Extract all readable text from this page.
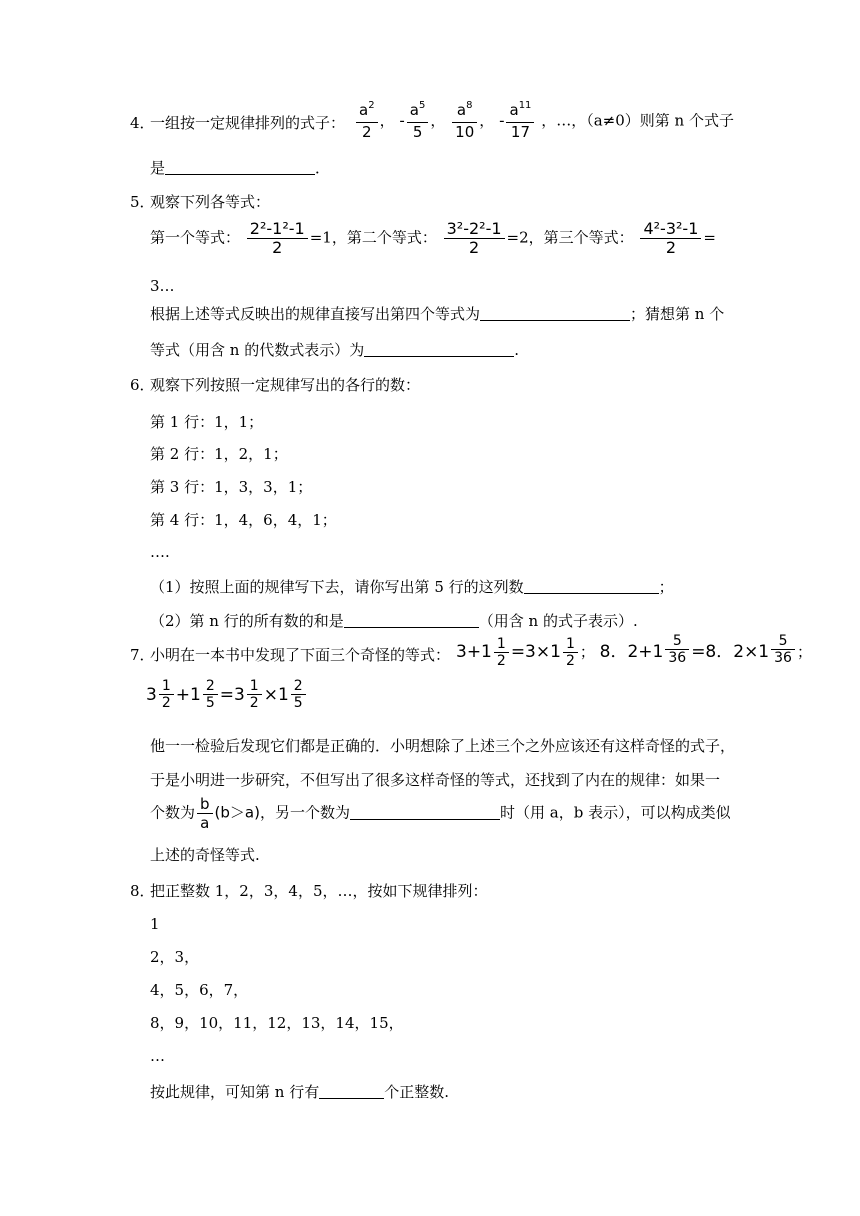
4．
一组按一定规律排列的式子： $\frac{a^2}{2}$ ， - $\frac{a^5}{5}$ ， $\frac{a^8}{10}$ ， - $\frac{a^{11}}{17}$ ，…，（a≠0）则第 n 个式子
是	．
5．
观察下列各等式：
第一个等式： $\frac{\text{2²-1²-1}}{2} =1$，第二个等式： $\frac{\text{3²-2²-1}}{2} =2$，第三个等式： $\frac{\text{4²-3²-1}}{2}$ =
3…
根据上述等式反映出的规律直接写出第四个等式为	；猜想第 n 个
等式（用含 n 的代数式表示）为	.
6．
观察下列按照一定规律写出的各行的数：
第 1 行：1，1；
第 2 行：1，2，1；
第 3 行：1，3，3，1；
第 4 行：1，4，6，4，1；
….
（1）按照上面的规律写下去，请你写出第 5 行的这列数	；
（2）第 n 行的所有数的和是	（用含 n 的式子表示）.
7．
小明在一本书中发现了下面三个奇怪的等式： $3+1 \frac{1}{2} =3\times 1 \frac{1}{2}$ ； 8．$2+1 \frac{5}{36} =8$．$2\times 1 \frac{5}{36}$ ；
$3 \frac{1}{2} +1 \frac{2}{5} =3 \frac{1}{2} \times 1 \frac{2}{5}$
他一一检验后发现它们都是正确的．小明想除了上述三个之外应该还有这样奇怪的式子，
于是小明进一步研究，不但写出了很多这样奇怪的等式，还找到了内在的规律：如果一
个数为 $\frac{b}{a} (b>a)$，另一个数为	时（用 a，b 表示），可以构成类似
上述的奇怪等式.
8．
把正整数 1，2，3，4，5，…，按如下规律排列：
1
2，3，
4，5，6，7，
8，9，10，11，12，13，14，15，
…
按此规律，可知第 n 行有	个正整数.
